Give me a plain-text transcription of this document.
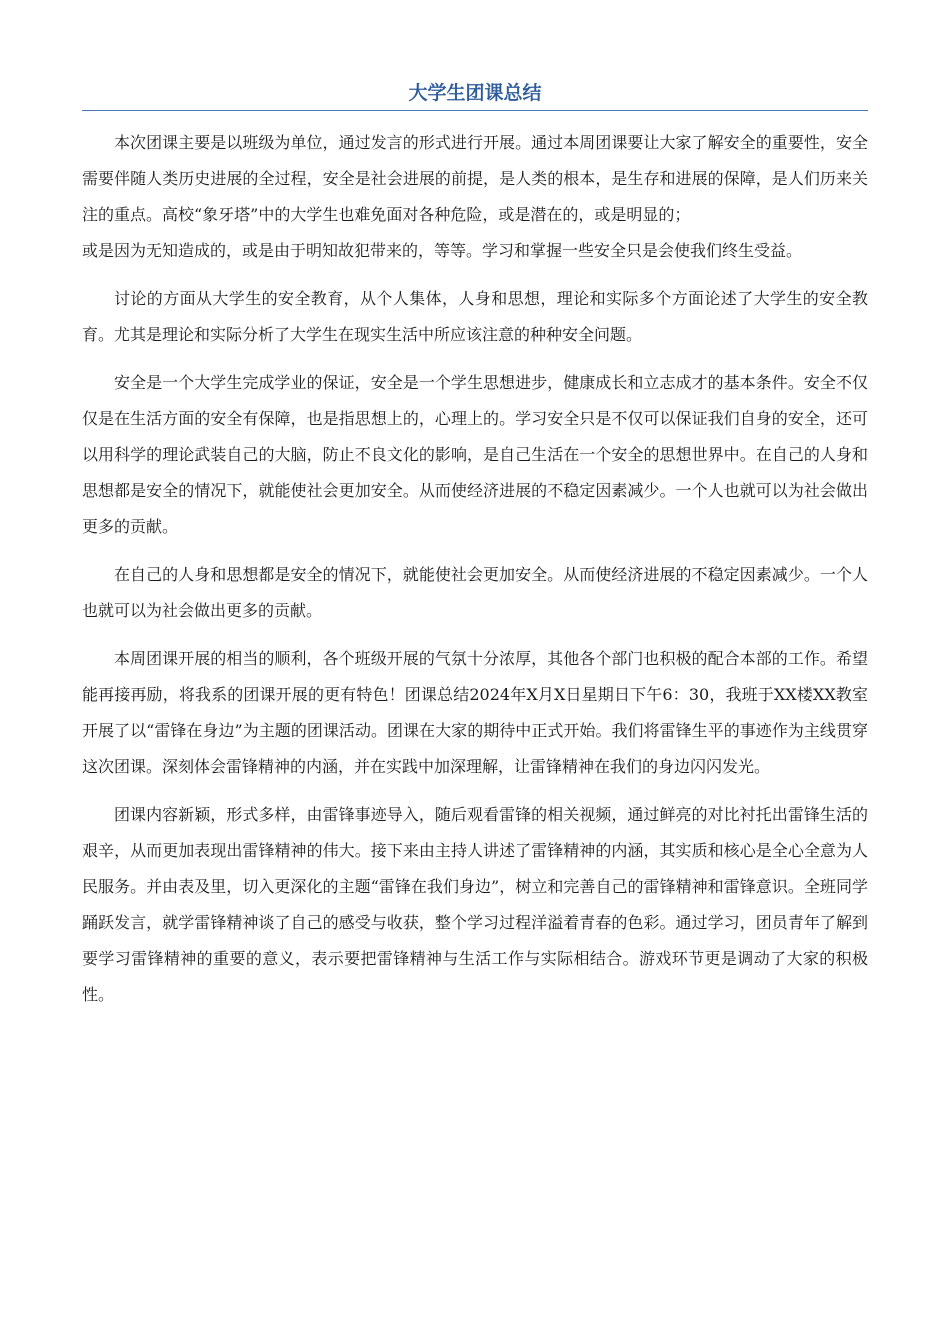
大学生团课总结

本次团课主要是以班级为单位，通过发言的形式进行开展。通过本周团课要让大家了解安全的重要性，安全需要伴随人类历史进展的全过程，安全是社会进展的前提，是人类的根本，是生存和进展的保障，是人们历来关注的重点。高校“象牙塔”中的大学生也难免面对各种危险，或是潜在的，或是明显的；

或是因为无知造成的，或是由于明知故犯带来的，等等。学习和掌握一些安全只是会使我们终生受益。

讨论的方面从大学生的安全教育，从个人集体，人身和思想，理论和实际多个方面论述了大学生的安全教育。尤其是理论和实际分析了大学生在现实生活中所应该注意的种种安全问题。

安全是一个大学生完成学业的保证，安全是一个学生思想进步，健康成长和立志成才的基本条件。安全不仅仅是在生活方面的安全有保障，也是指思想上的，心理上的。学习安全只是不仅可以保证我们自身的安全，还可以用科学的理论武装自己的大脑，防止不良文化的影响，是自己生活在一个安全的思想世界中。在自己的人身和思想都是安全的情况下，就能使社会更加安全。从而使经济进展的不稳定因素减少。一个人也就可以为社会做出更多的贡献。

在自己的人身和思想都是安全的情况下，就能使社会更加安全。从而使经济进展的不稳定因素减少。一个人也就可以为社会做出更多的贡献。

本周团课开展的相当的顺利，各个班级开展的气氛十分浓厚，其他各个部门也积极的配合本部的工作。希望能再接再励，将我系的团课开展的更有特色！团课总结2024年X月X日星期日下午6：30，我班于XX楼XX教室开展了以“雷锋在身边”为主题的团课活动。团课在大家的期待中正式开始。我们将雷锋生平的事迹作为主线贯穿这次团课。深刻体会雷锋精神的内涵，并在实践中加深理解，让雷锋精神在我们的身边闪闪发光。

团课内容新颖，形式多样，由雷锋事迹导入，随后观看雷锋的相关视频，通过鲜亮的对比衬托出雷锋生活的艰辛，从而更加表现出雷锋精神的伟大。接下来由主持人讲述了雷锋精神的内涵，其实质和核心是全心全意为人民服务。并由表及里，切入更深化的主题“雷锋在我们身边”，树立和完善自己的雷锋精神和雷锋意识。全班同学踊跃发言，就学雷锋精神谈了自己的感受与收获，整个学习过程洋溢着青春的色彩。通过学习，团员青年了解到要学习雷锋精神的重要的意义，表示要把雷锋精神与生活工作与实际相结合。游戏环节更是调动了大家的积极性。
